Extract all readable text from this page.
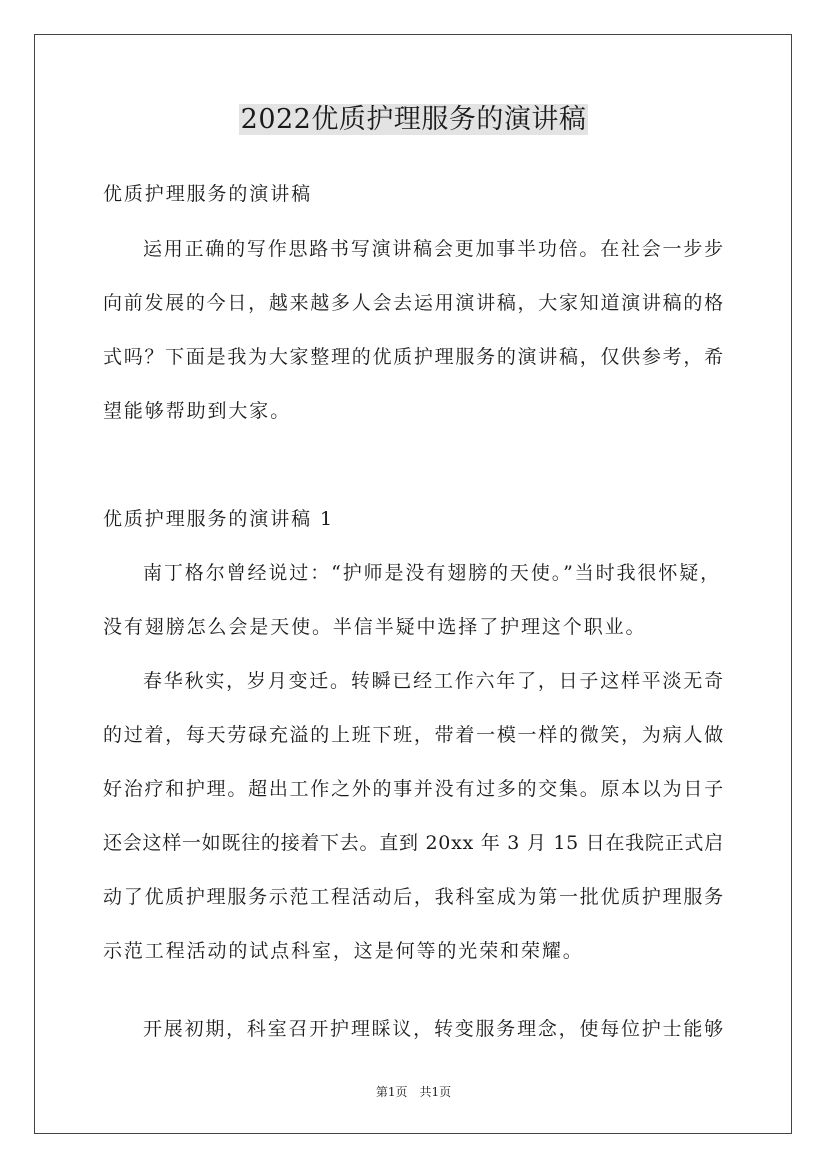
2022优质护理服务的演讲稿
优质护理服务的演讲稿
运用正确的写作思路书写演讲稿会更加事半功倍。在社会一步步
向前发展的今日，越来越多人会去运用演讲稿，大家知道演讲稿的格
式吗？下面是我为大家整理的优质护理服务的演讲稿，仅供参考，希
望能够帮助到大家。
优质护理服务的演讲稿 1
南丁格尔曾经说过：“护师是没有翅膀的天使。”当时我很怀疑，
没有翅膀怎么会是天使。半信半疑中选择了护理这个职业。
春华秋实，岁月变迁。转瞬已经工作六年了，日子这样平淡无奇
的过着，每天劳碌充溢的上班下班，带着一模一样的微笑，为病人做
好治疗和护理。超出工作之外的事并没有过多的交集。原本以为日子
还会这样一如既往的接着下去。直到 20xx 年 3 月 15 日在我院正式启
动了优质护理服务示范工程活动后，我科室成为第一批优质护理服务
示范工程活动的试点科室，这是何等的光荣和荣耀。
开展初期，科室召开护理睬议，转变服务理念，使每位护士能够
第1页　共1页
